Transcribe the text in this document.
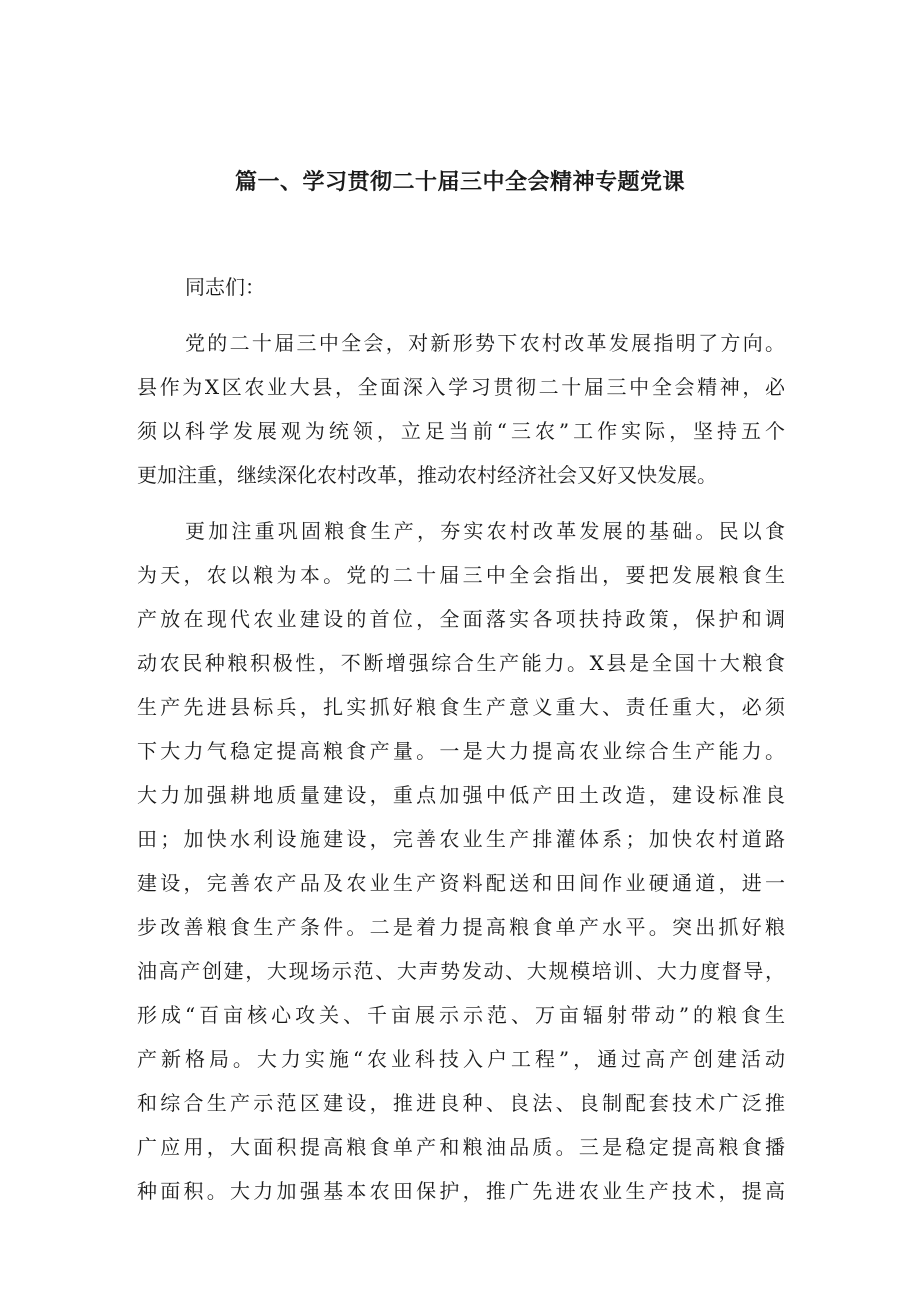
篇一、学习贯彻二十届三中全会精神专题党课
同志们：
党的二十届三中全会，对新形势下农村改革发展指明了方向。
县作为X区农业大县，全面深入学习贯彻二十届三中全会精神，必
须以科学发展观为统领，立足当前“三农”工作实际，坚持五个
更加注重，继续深化农村改革，推动农村经济社会又好又快发展。
更加注重巩固粮食生产，夯实农村改革发展的基础。民以食
为天，农以粮为本。党的二十届三中全会指出，要把发展粮食生
产放在现代农业建设的首位，全面落实各项扶持政策，保护和调
动农民种粮积极性，不断增强综合生产能力。X县是全国十大粮食
生产先进县标兵，扎实抓好粮食生产意义重大、责任重大，必须
下大力气稳定提高粮食产量。一是大力提高农业综合生产能力。
大力加强耕地质量建设，重点加强中低产田土改造，建设标准良
田；加快水利设施建设，完善农业生产排灌体系；加快农村道路
建设，完善农产品及农业生产资料配送和田间作业硬通道，进一
步改善粮食生产条件。二是着力提高粮食单产水平。突出抓好粮
油高产创建，大现场示范、大声势发动、大规模培训、大力度督导，
形成“百亩核心攻关、千亩展示示范、万亩辐射带动”的粮食生
产新格局。大力实施“农业科技入户工程”，通过高产创建活动
和综合生产示范区建设，推进良种、良法、良制配套技术广泛推
广应用，大面积提高粮食单产和粮油品质。三是稳定提高粮食播
种面积。大力加强基本农田保护，推广先进农业生产技术，提高
